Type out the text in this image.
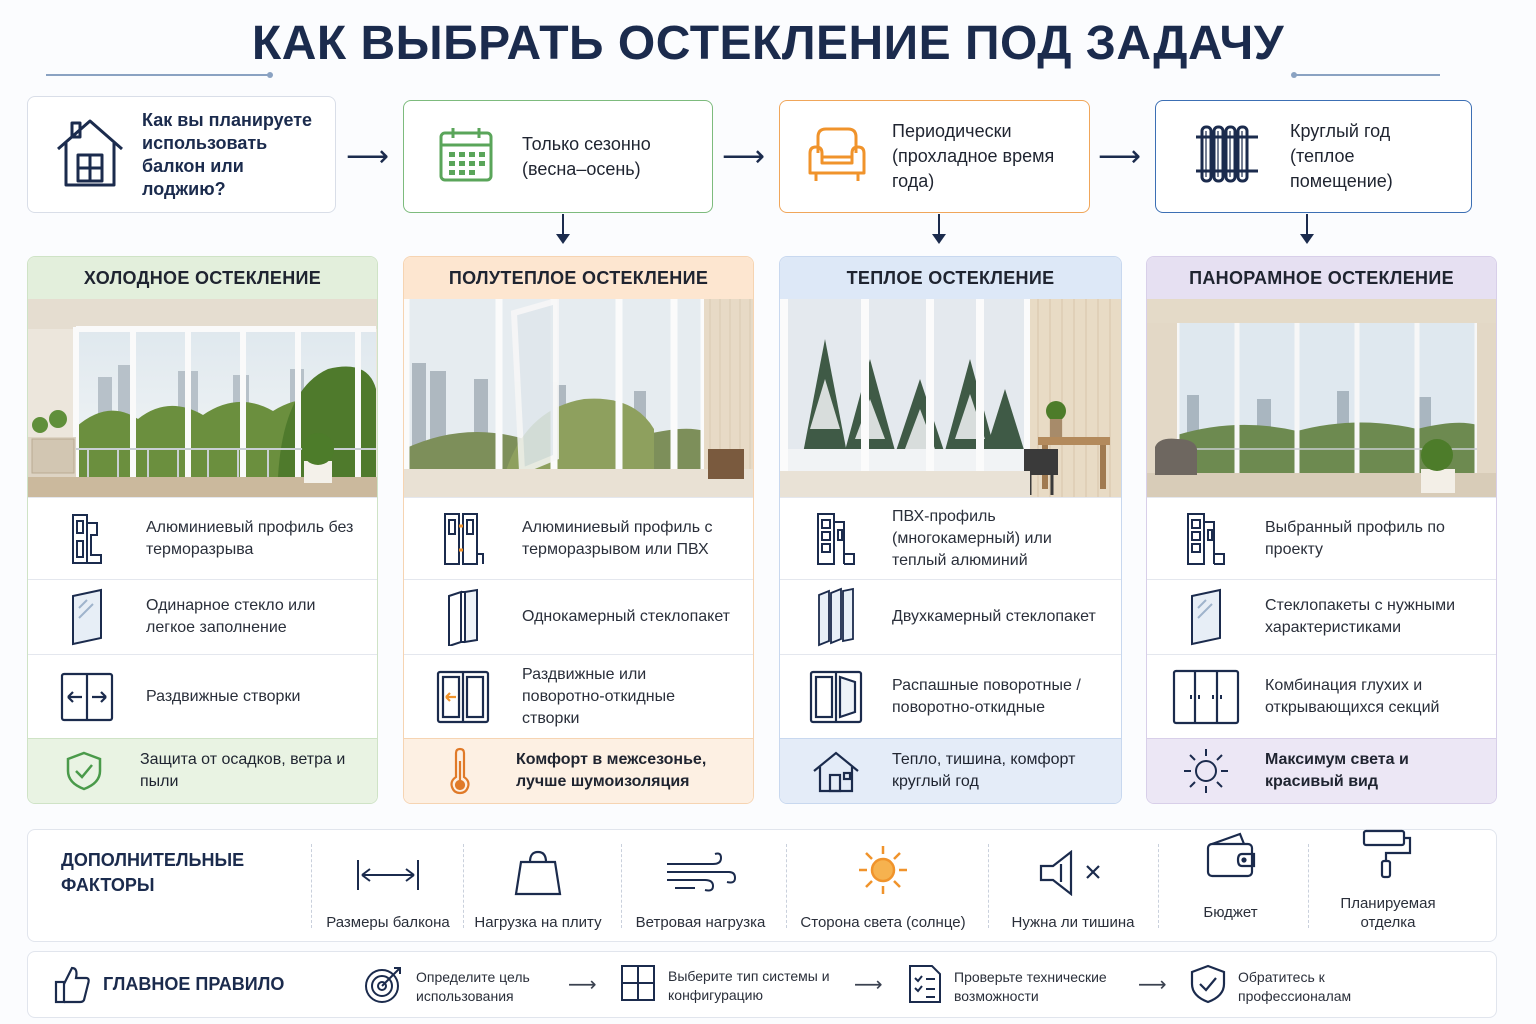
КАК ВЫБРАТЬ ОСТЕКЛЕНИЕ ПОД ЗАДАЧУ
Как вы планируете использовать балкон или лоджию?
⟶	Только сезонно (весна–осень)	⟶
Периодически (прохладное время года)
⟶
Круглый год (теплое помещение)
ХОЛОДНОЕ ОСТЕКЛЕНИЕ
Алюминиевый профиль без терморазрыва
Одинарное стекло или легкое заполнение
Раздвижные створки
Защита от осадков, ветра и пыли
ПОЛУТЕПЛОЕ ОСТЕКЛЕНИЕ
Алюминиевый профиль с терморазрывом или ПВХ
Однокамерный стеклопакет
Раздвижные или поворотно-откидные створки
Комфорт в межсезонье, лучше шумоизоляция
ТЕПЛОЕ ОСТЕКЛЕНИЕ
ПВХ-профиль (многокамерный) или теплый алюминий
Двухкамерный стеклопакет
Распашные поворотные / поворотно-откидные
Тепло, тишина, комфорт круглый год
ПАНОРАМНОЕ ОСТЕКЛЕНИЕ
Выбранный профиль по проекту
Стеклопакеты с нужными характеристиками
Комбинация глухих и открывающихся секций
Максимум света и красивый вид
ДОПОЛНИТЕЛЬНЫЕ ФАКТОРЫ
Размеры балкона Нагрузка на плиту Ветровая нагрузка Сторона света (солнце)	Нужна ли тишина
Бюджет
Планируемая отделка
ГЛАВНОЕ ПРАВИЛО	Определите цель использования	⟶	Выберите тип системы и конфигурацию	⟶	Проверьте технические возможности	⟶	Обратитесь к профессионалам
